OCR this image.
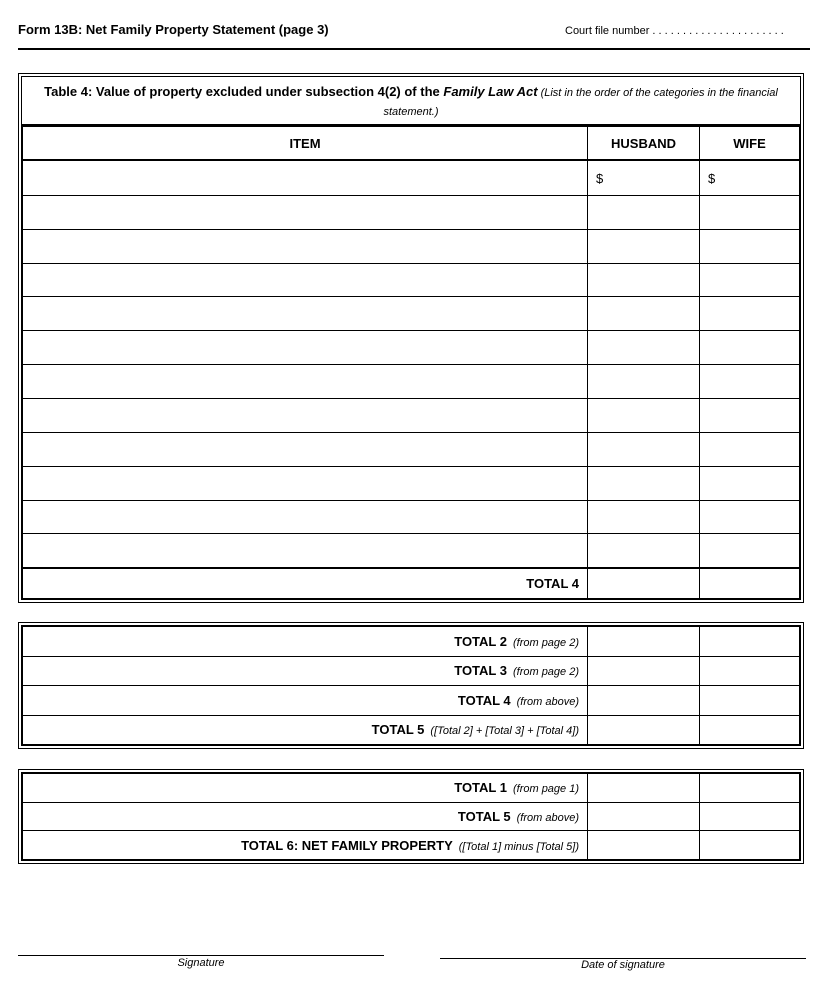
Form 13B: Net Family Property Statement (page 3)	Court file number . . . . . . . . . . . . . . . . . . . . . .
Table 4: Value of property excluded under subsection 4(2) of the Family Law Act (List in the order of the categories in the financial statement.)
ITEM	HUSBAND	WIFE
	$	$

TOTAL 4		
TOTAL 2 (from page 2)		
TOTAL 3 (from page 2)		
TOTAL 4 (from above)		
TOTAL 5 ([Total 2] + [Total 3] + [Total 4])		
TOTAL 1 (from page 1)		
TOTAL 5 (from above)		
TOTAL 6: NET FAMILY PROPERTY ([Total 1] minus [Total 5])		
Signature	Date of signature
